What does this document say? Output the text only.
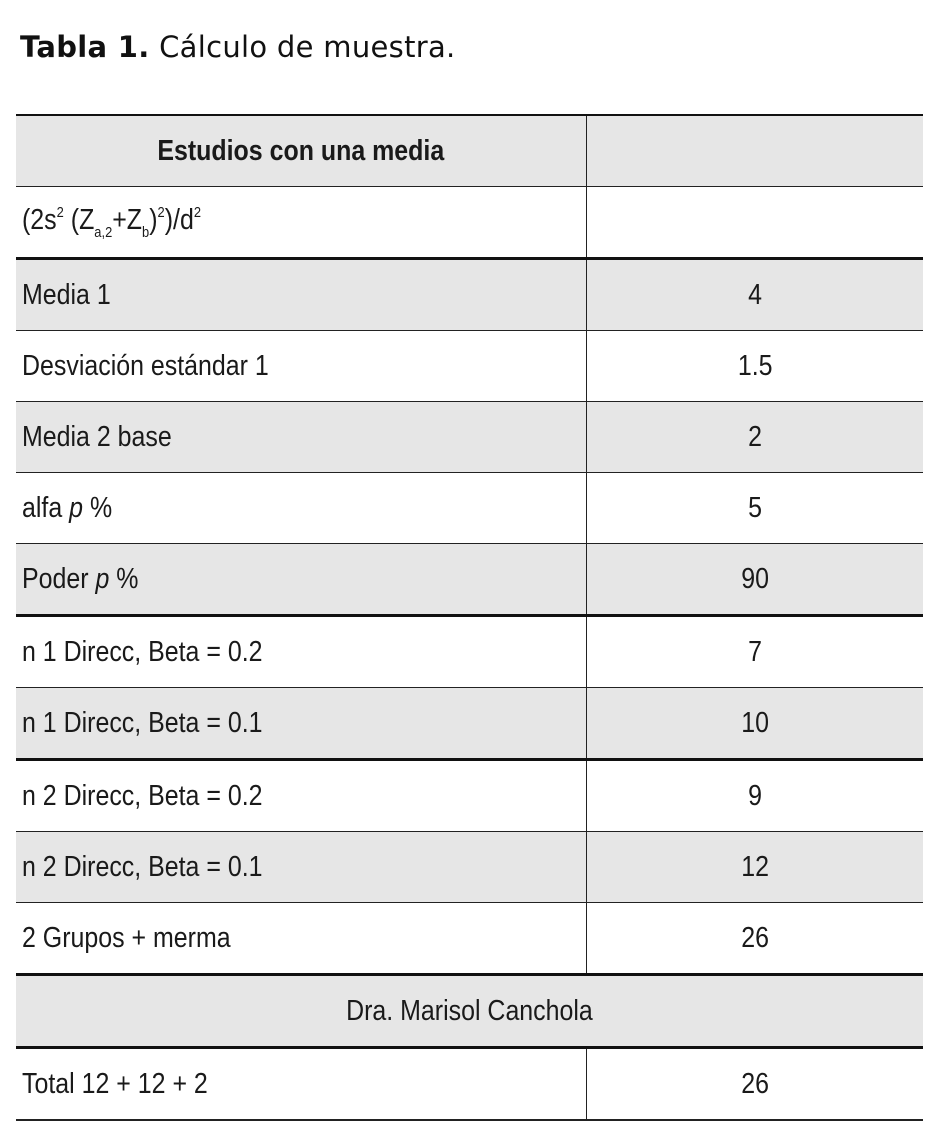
Tabla 1. Cálculo de muestra.
Estudios con una media	
($2s^2$ $(Z_{a,2}+Z_b)^2)/d^2$	
Media 1	4
Desviación estándar 1	1.5
Media 2 base	2
alfa p %	5
Poder p %	90
n 1 Direcc, Beta = 0.2	7
n 1 Direcc, Beta = 0.1	10
n 2 Direcc, Beta = 0.2	9
n 2 Direcc, Beta = 0.1	12
2 Grupos + merma	26
Dra. Marisol Canchola	
Total 12 + 12 + 2	26
